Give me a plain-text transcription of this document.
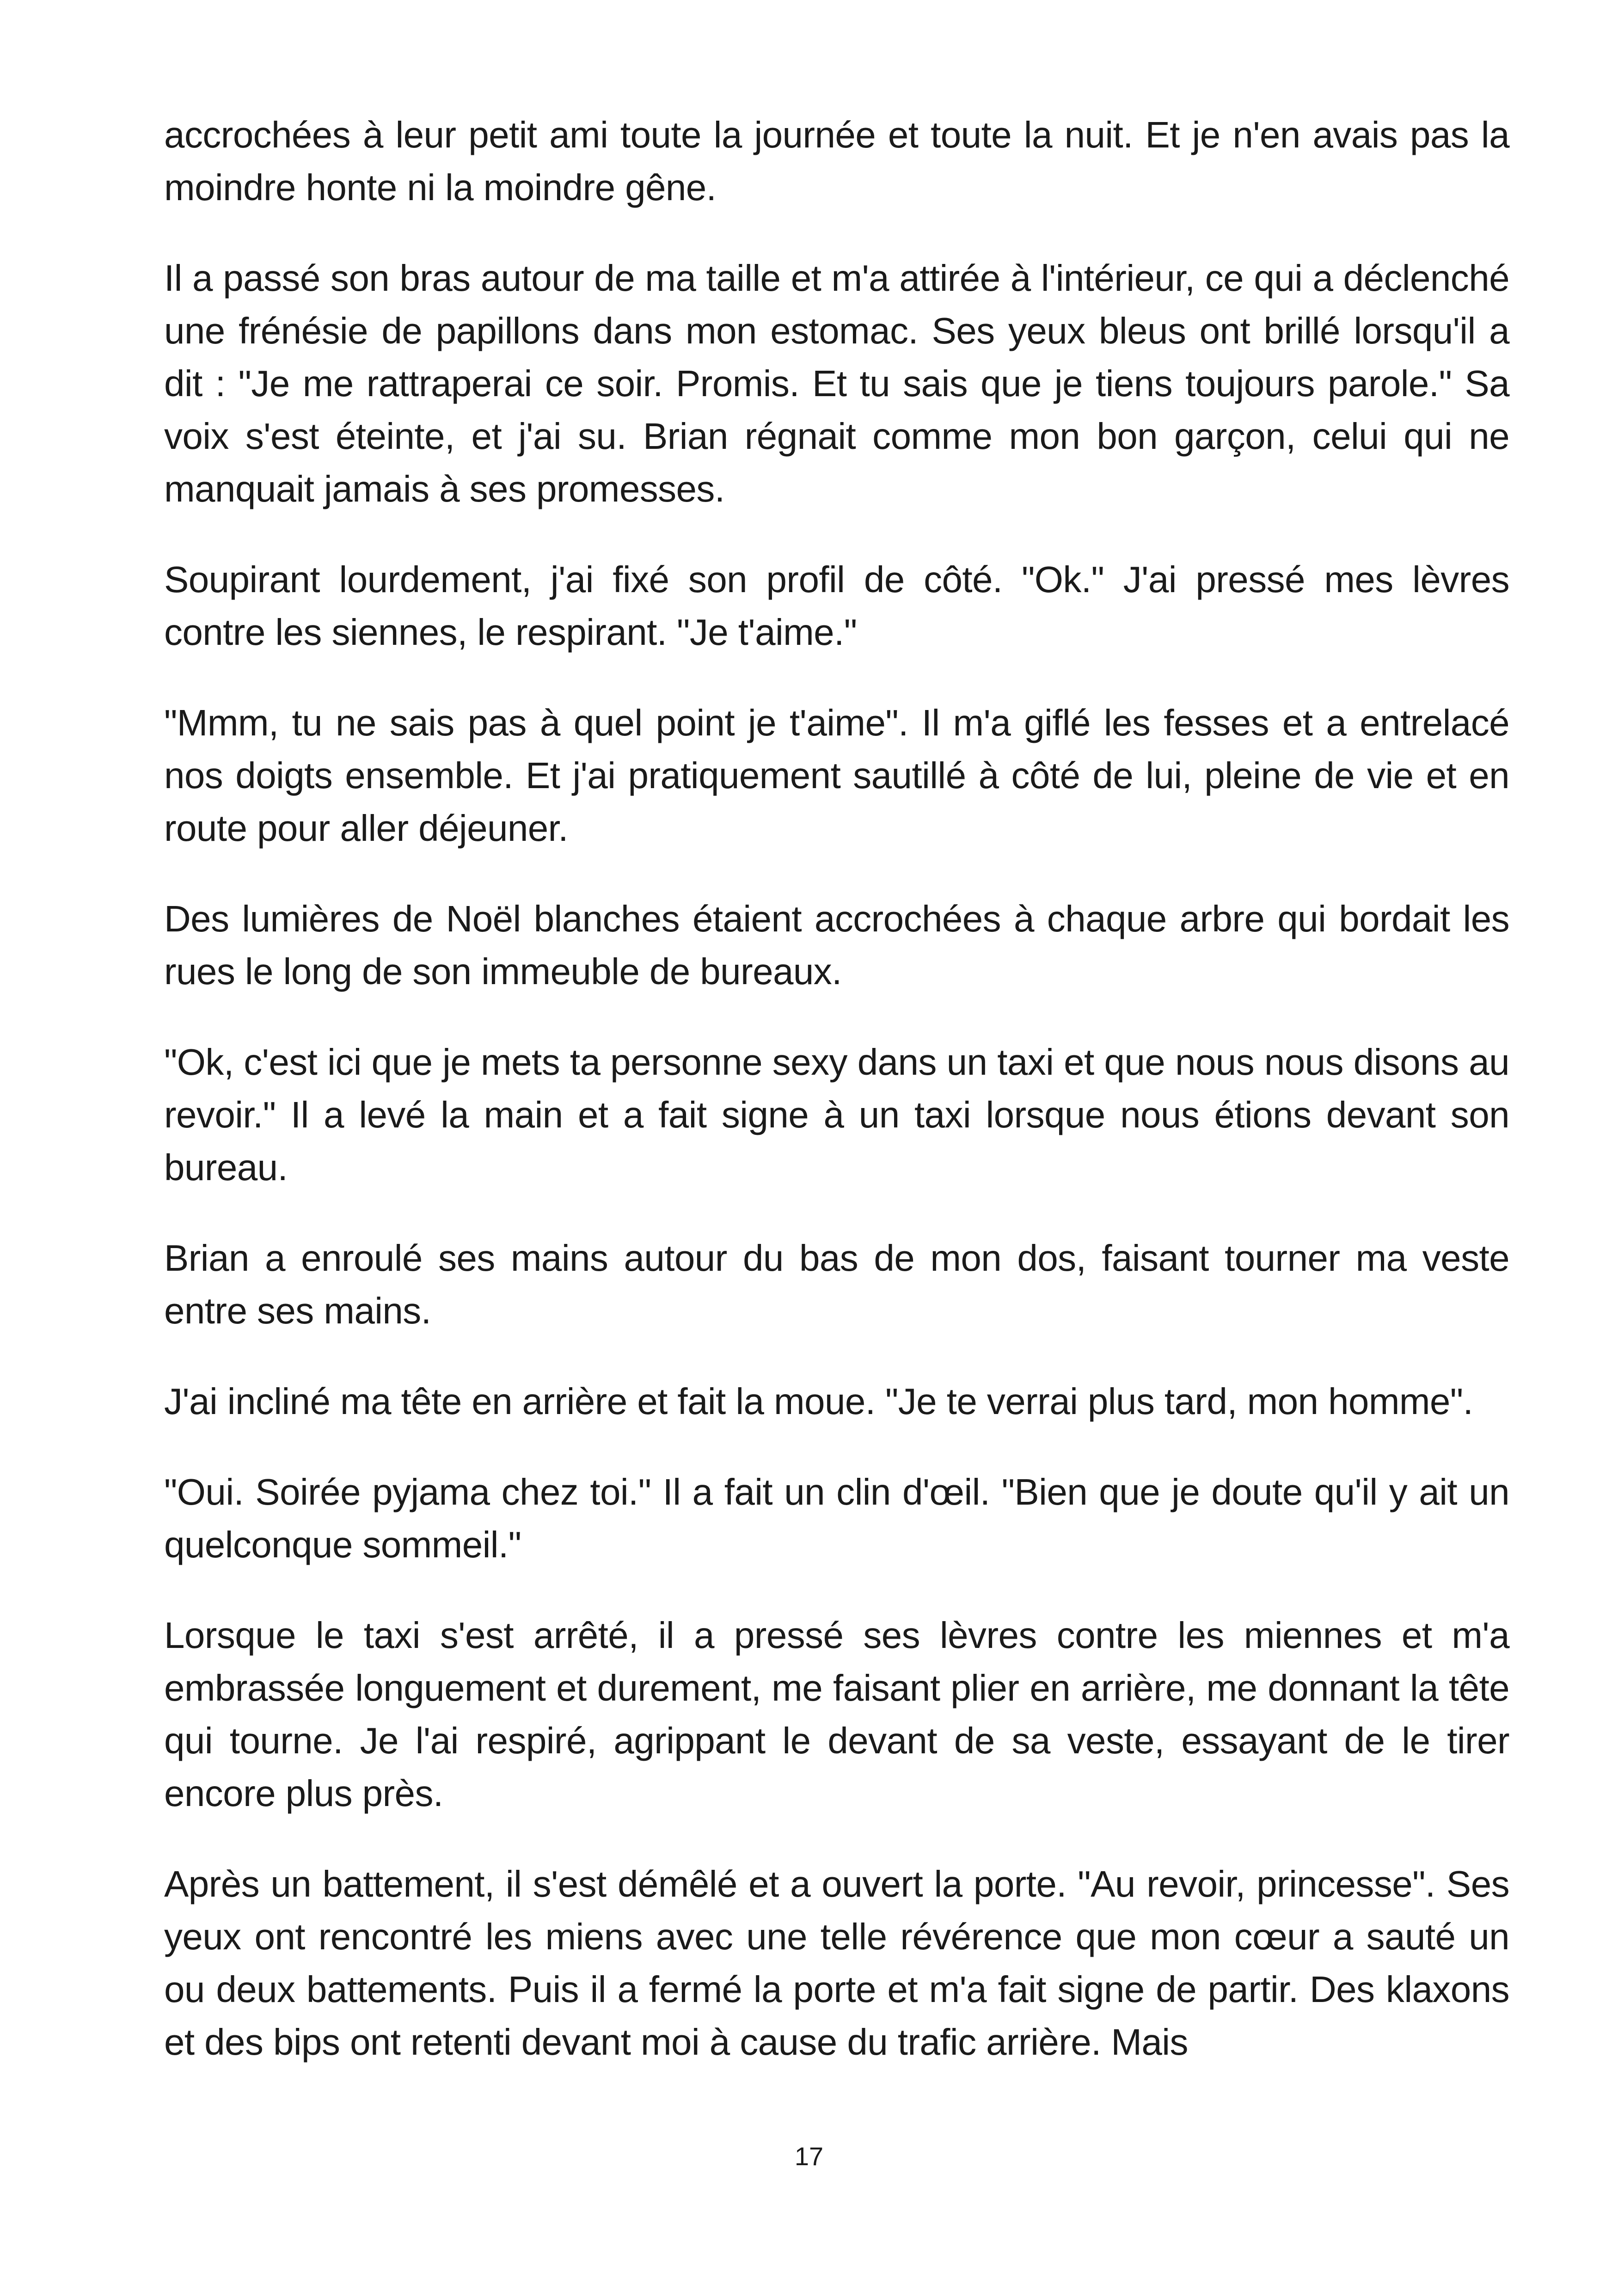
accrochées à leur petit ami toute la journée et toute la nuit. Et je n'en avais pas la moindre honte ni la moindre gêne.

Il a passé son bras autour de ma taille et m'a attirée à l'intérieur, ce qui a déclenché une frénésie de papillons dans mon estomac. Ses yeux bleus ont brillé lorsqu'il a dit : "Je me rattraperai ce soir. Promis. Et tu sais que je tiens toujours parole." Sa voix s'est éteinte, et j'ai su. Brian régnait comme mon bon garçon, celui qui ne manquait jamais à ses promesses.

Soupirant lourdement, j'ai fixé son profil de côté. "Ok." J'ai pressé mes lèvres contre les siennes, le respirant. "Je t'aime."

"Mmm, tu ne sais pas à quel point je t'aime". Il m'a giflé les fesses et a entrelacé nos doigts ensemble. Et j'ai pratiquement sautillé à côté de lui, pleine de vie et en route pour aller déjeuner.

Des lumières de Noël blanches étaient accrochées à chaque arbre qui bordait les rues le long de son immeuble de bureaux.

"Ok, c'est ici que je mets ta personne sexy dans un taxi et que nous nous disons au revoir." Il a levé la main et a fait signe à un taxi lorsque nous étions devant son bureau.

Brian a enroulé ses mains autour du bas de mon dos, faisant tourner ma veste entre ses mains.

J'ai incliné ma tête en arrière et fait la moue. "Je te verrai plus tard, mon homme".

"Oui. Soirée pyjama chez toi." Il a fait un clin d'œil. "Bien que je doute qu'il y ait un quelconque sommeil."

Lorsque le taxi s'est arrêté, il a pressé ses lèvres contre les miennes et m'a embrassée longuement et durement, me faisant plier en arrière, me donnant la tête qui tourne. Je l'ai respiré, agrippant le devant de sa veste, essayant de le tirer encore plus près.

Après un battement, il s'est démêlé et a ouvert la porte. "Au revoir, princesse". Ses yeux ont rencontré les miens avec une telle révérence que mon cœur a sauté un ou deux battements. Puis il a fermé la porte et m'a fait signe de partir. Des klaxons et des bips ont retenti devant moi à cause du trafic arrière. Mais

17
